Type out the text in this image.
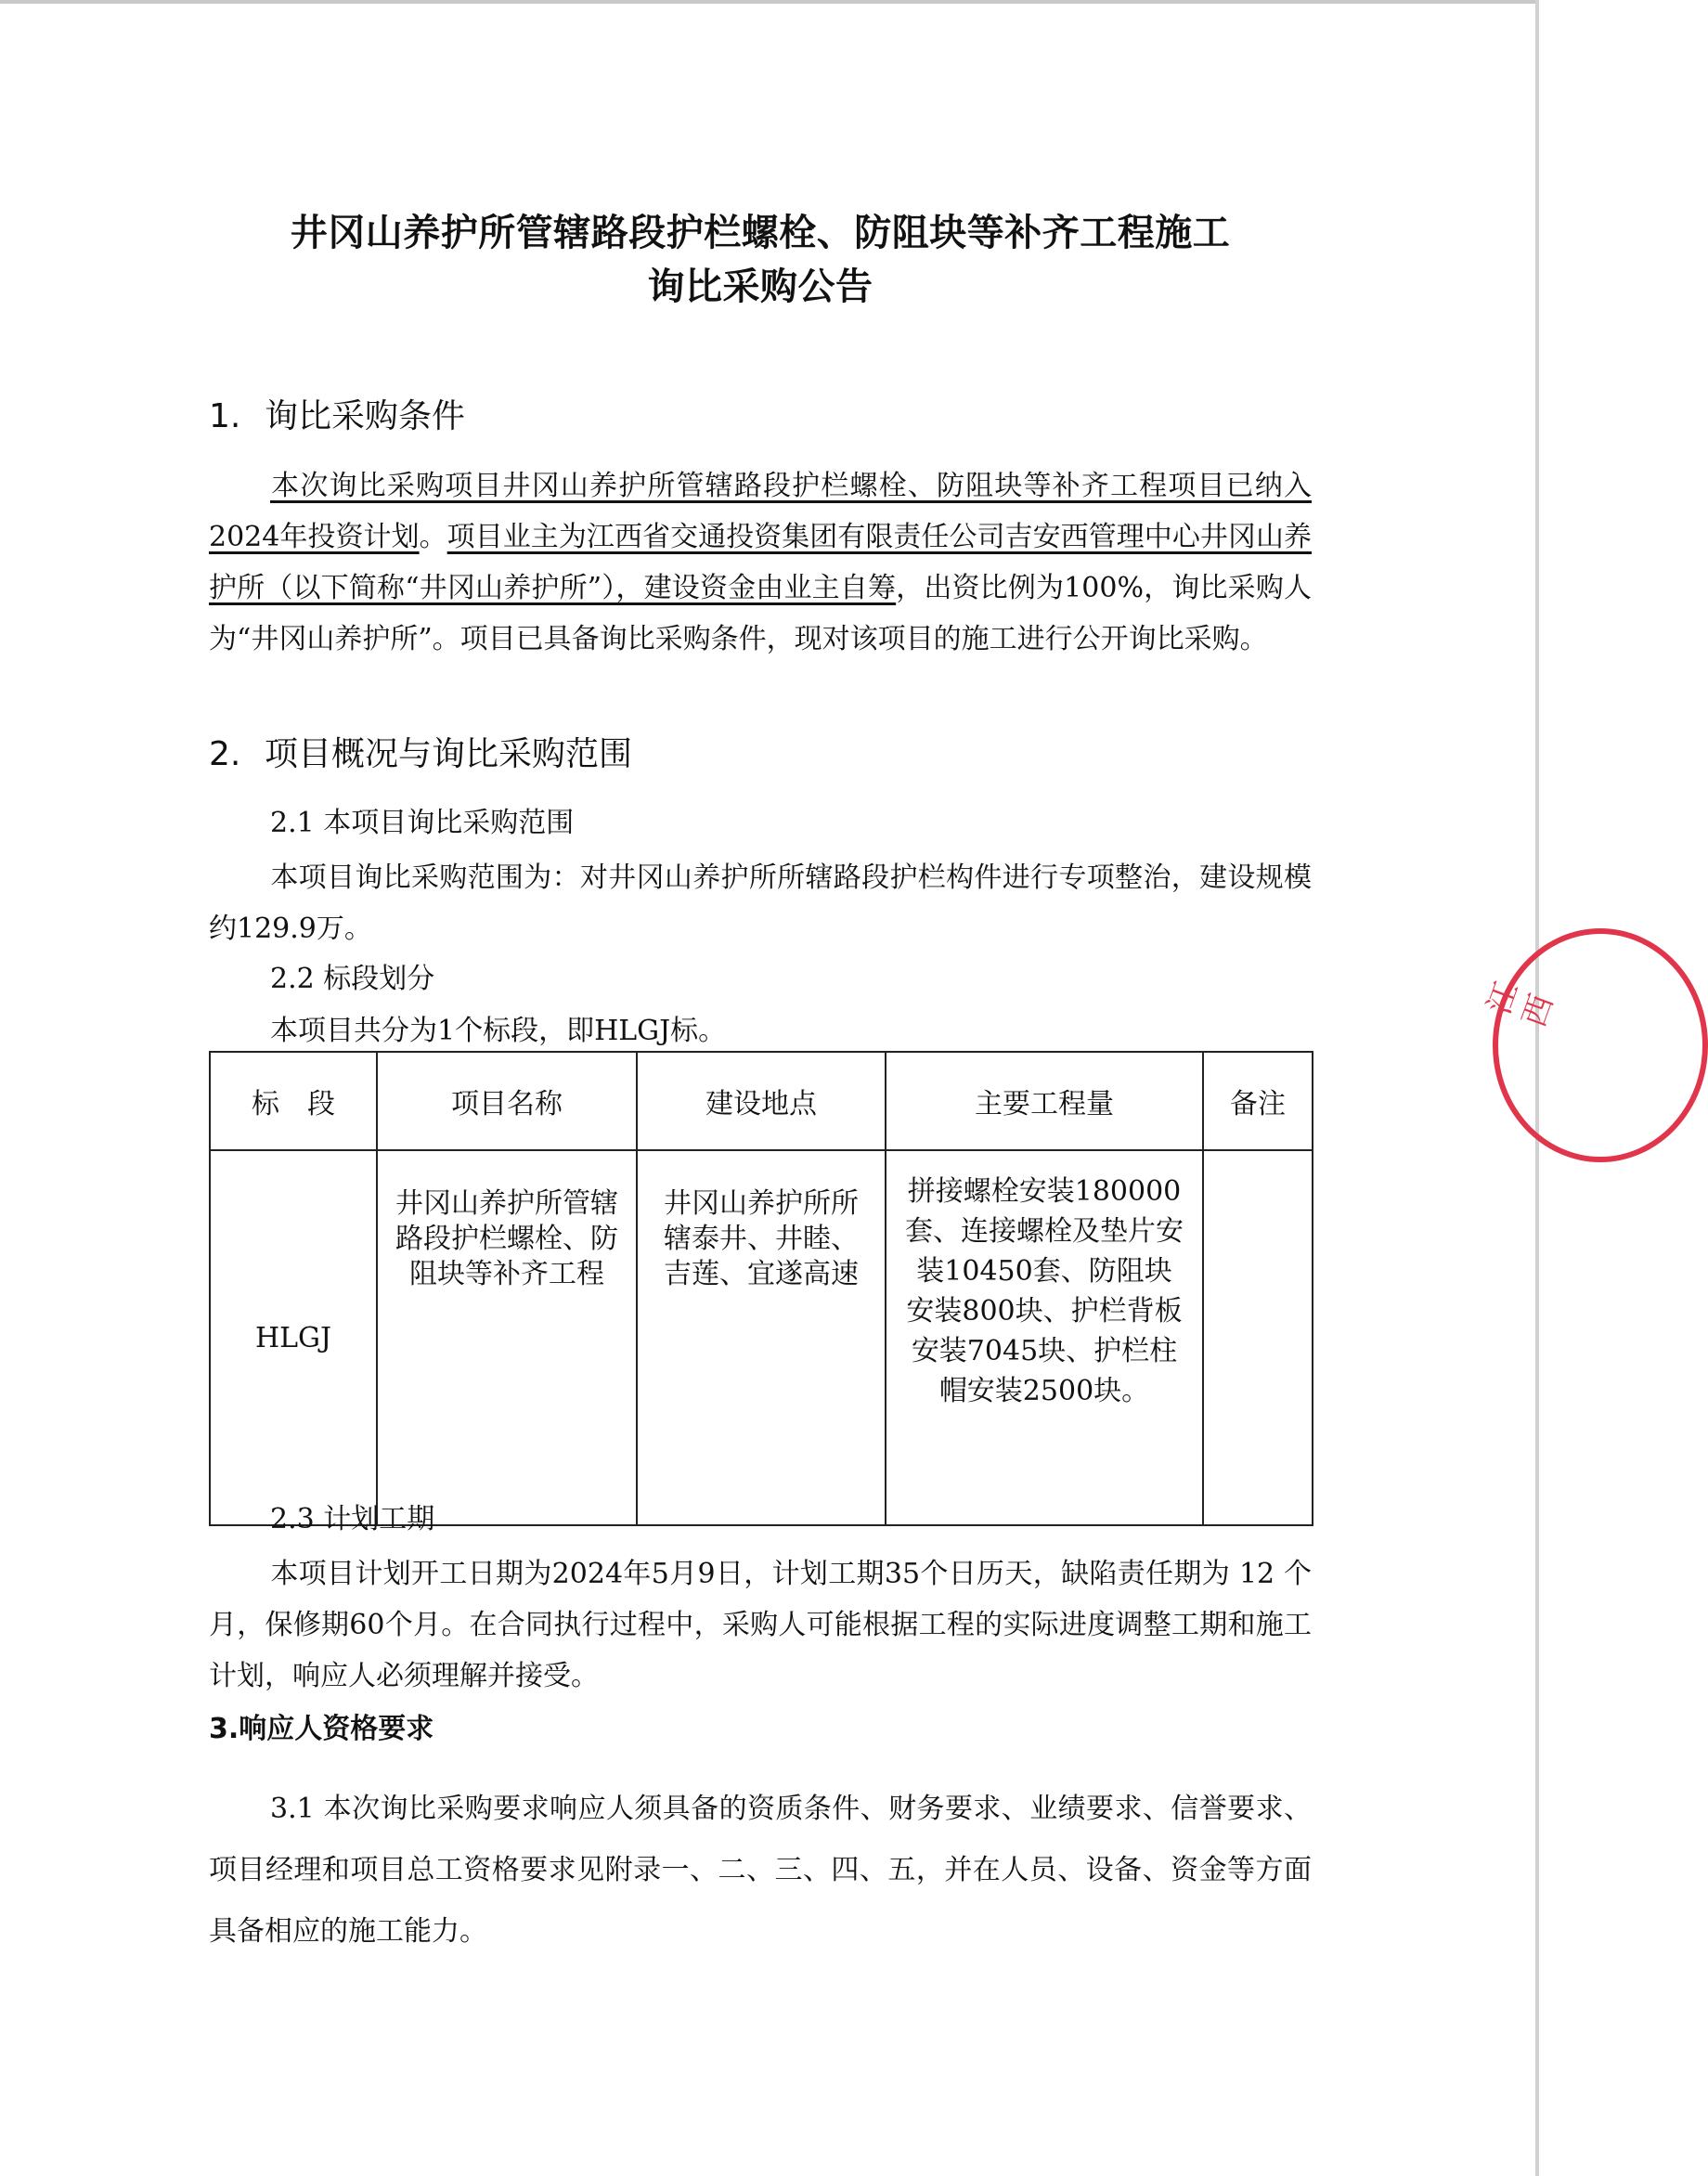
井冈山养护所管辖路段护栏螺栓、防阻块等补齐工程施工
询比采购公告
1. 询比采购条件
本次询比采购项目井冈山养护所管辖路段护栏螺栓、防阻块等补齐工程项目已纳入2024年投资计划。项目业主为江西省交通投资集团有限责任公司吉安西管理中心井冈山养护所（以下简称“井冈山养护所”），建设资金由业主自筹，出资比例为100%，询比采购人为“井冈山养护所”。项目已具备询比采购条件，现对该项目的施工进行公开询比采购。
2. 项目概况与询比采购范围
2.1 本项目询比采购范围
本项目询比采购范围为：对井冈山养护所所辖路段护栏构件进行专项整治，建设规模约129.9万。
2.2 标段划分
本项目共分为1个标段，即HLGJ标。
标　段	项目名称	建设地点	主要工程量	备注
HLGJ	井冈山养护所管辖路段护栏螺栓、防阻块等补齐工程	井冈山养护所所辖泰井、井睦、吉莲、宜遂高速	拼接螺栓安装180000套、连接螺栓及垫片安装10450套、防阻块安装800块、护栏背板安装7045块、护栏柱帽安装2500块。	

2.3 计划工期
本项目计划开工日期为2024年5月9日，计划工期35个日历天，缺陷责任期为 12 个月，保修期60个月。在合同执行过程中，采购人可能根据工程的实际进度调整工期和施工计划，响应人必须理解并接受。
3.响应人资格要求
3.1 本次询比采购要求响应人须具备的资质条件、财务要求、业绩要求、信誉要求、项目经理和项目总工资格要求见附录一、二、三、四、五，并在人员、设备、资金等方面具备相应的施工能力。
江西
